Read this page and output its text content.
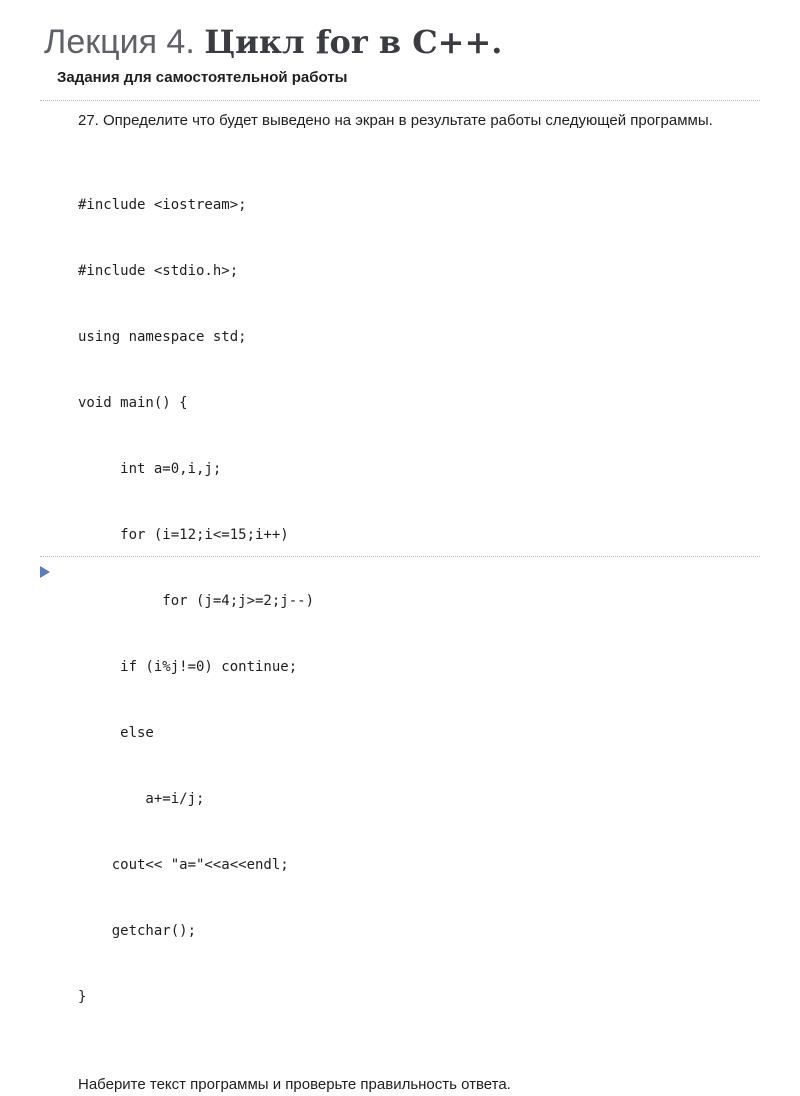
Лекция 4. Цикл for в С++.
Задания для самостоятельной работы

27. Определите что будет выведено на экран в результате работы следующей программы.

#include <iostream>;

#include <stdio.h>;

using namespace std;

void main() {

int a=0,i,j;

for (i=12;i<=15;i++)

for (j=4;j>=2;j--)

if (i%j!=0) continue;

else

a+=i/j;

cout<< "a="<<a<<endl;

getchar();

}

Наберите текст программы и проверьте правильность ответа.
